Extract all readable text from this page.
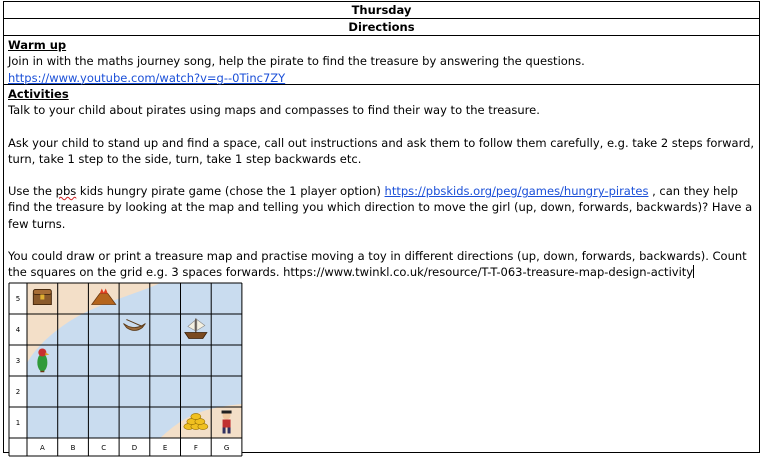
Thursday
Directions
Warm up
Join in with the maths journey song, help the pirate to find the treasure by answering the questions.
https://www.youtube.com/watch?v=g--0Tinc7ZY
Activities
Talk to your child about pirates using maps and compasses to find their way to the treasure.
Ask your child to stand up and find a space, call out instructions and ask them to follow them carefully, e.g. take 2 steps forward, turn, take 1 step to the side, turn, take 1 step backwards etc.
Use the pbs kids hungry pirate game (chose the 1 player option) https://pbskids.org/peg/games/hungry-pirates , can they help find the treasure by looking at the map and telling you which direction to move the girl (up, down, forwards, backwards)? Have a few turns.
You could draw or print a treasure map and practise moving a toy in different directions (up, down, forwards, backwards). Count the squares on the grid e.g. 3 spaces forwards. https://www.twinkl.co.uk/resource/T-T-063-treasure-map-design-activity
5
4
3
2
1
A	B	C	D	E	F	G
